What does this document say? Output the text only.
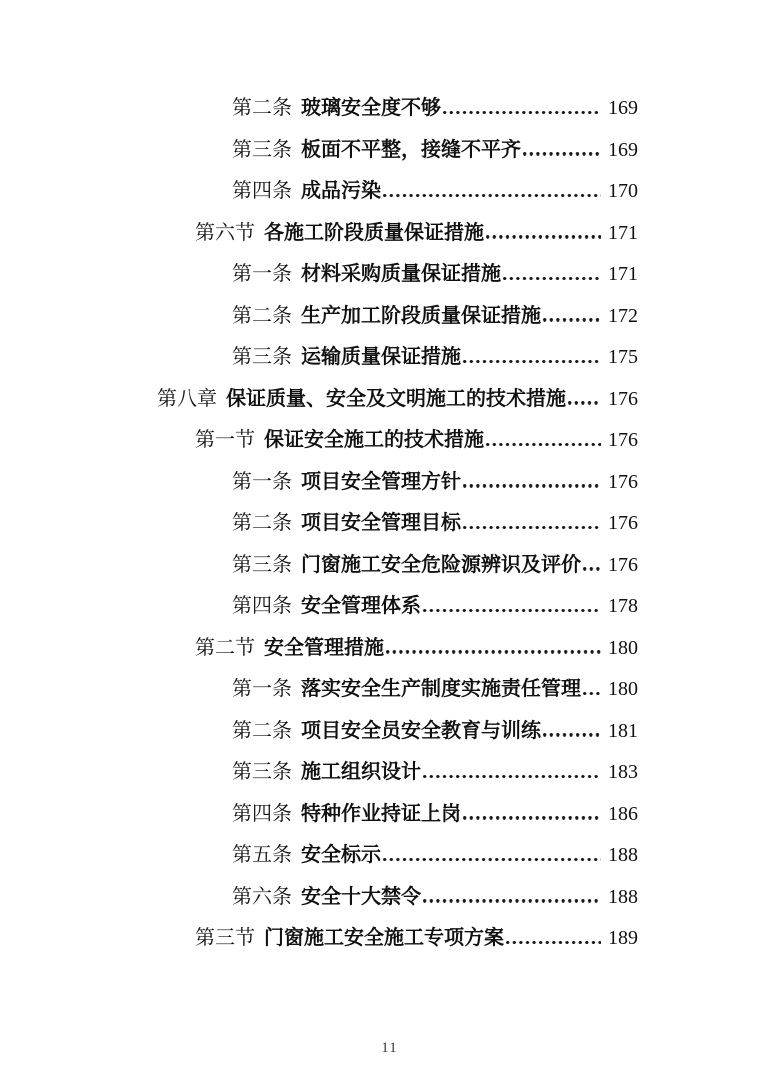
第二条 玻璃安全度不够	169
第三条 板面不平整，接缝不平齐	169
第四条 成品污染	170
第六节 各施工阶段质量保证措施	171
第一条 材料采购质量保证措施	171
第二条 生产加工阶段质量保证措施	172
第三条 运输质量保证措施	175
第八章 保证质量、安全及文明施工的技术措施 176
第一节 保证安全施工的技术措施	176
第一条 项目安全管理方针	176
第二条 项目安全管理目标	176
第三条 门窗施工安全危险源辨识及评价 176
第四条 安全管理体系	178
第二节 安全管理措施	180
第一条 落实安全生产制度实施责任管理 180
第二条 项目安全员安全教育与训练	181
第三条 施工组织设计	183
第四条 特种作业持证上岗	186
第五条 安全标示	188
第六条 安全十大禁令	188
第三节 门窗施工安全施工专项方案	189
11
